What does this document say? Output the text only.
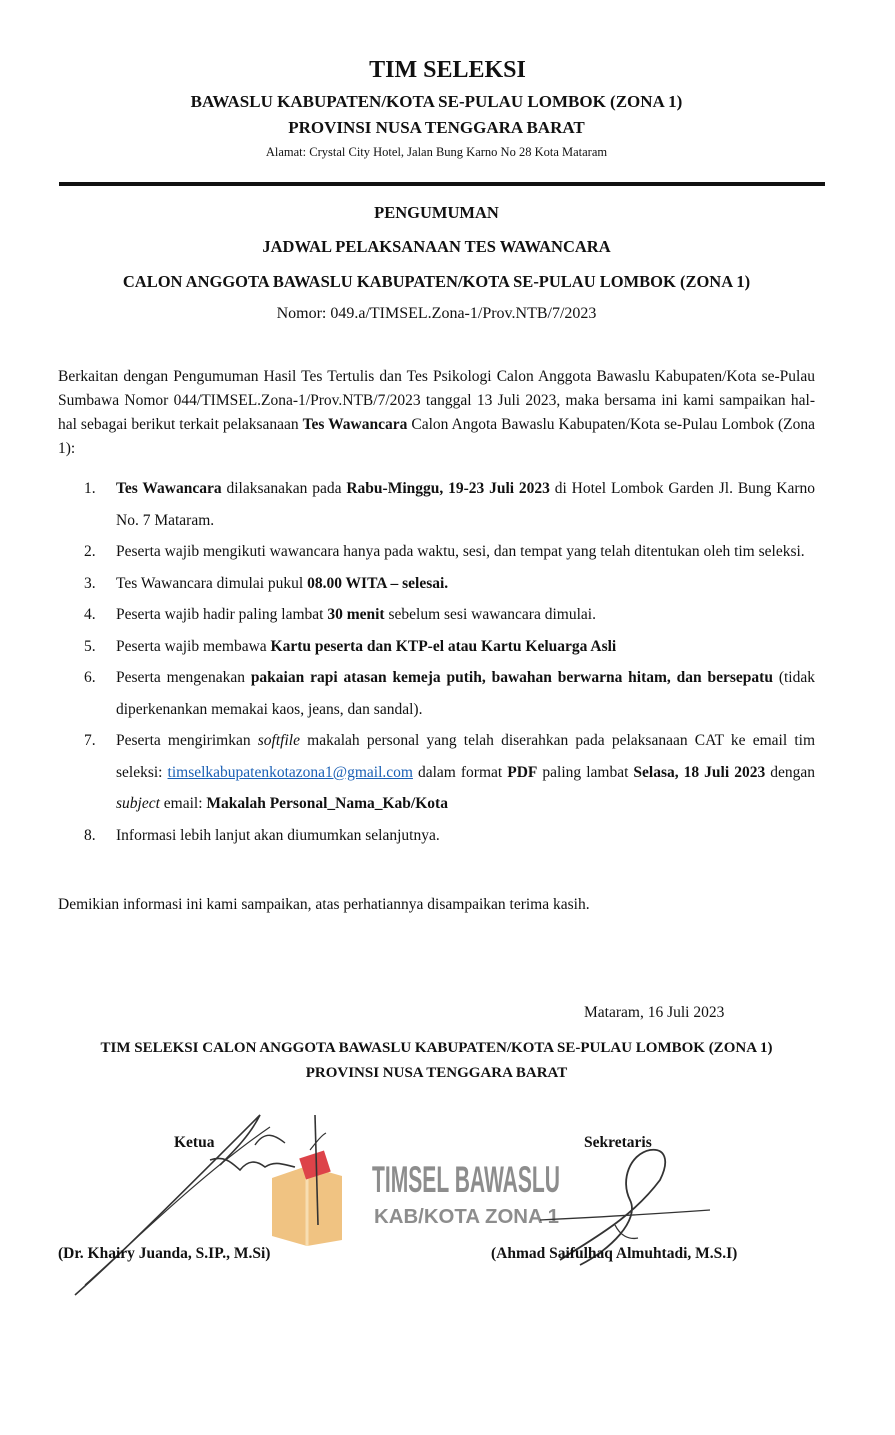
TIM SELEKSI
BAWASLU KABUPATEN/KOTA SE-PULAU LOMBOK (ZONA 1)
PROVINSI NUSA TENGGARA BARAT
Alamat: Crystal City Hotel, Jalan Bung Karno No 28 Kota Mataram
PENGUMUMAN
JADWAL PELAKSANAAN TES WAWANCARA
CALON ANGGOTA BAWASLU KABUPATEN/KOTA SE-PULAU LOMBOK (ZONA 1)
Nomor: 049.a/TIMSEL.Zona-1/Prov.NTB/7/2023
Berkaitan dengan Pengumuman Hasil Tes Tertulis dan Tes Psikologi Calon Anggota Bawaslu Kabupaten/Kota se-Pulau Sumbawa Nomor 044/TIMSEL.Zona-1/Prov.NTB/7/2023 tanggal 13 Juli 2023, maka bersama ini kami sampaikan hal-hal sebagai berikut terkait pelaksanaan Tes Wawancara Calon Angota Bawaslu Kabupaten/Kota se-Pulau Lombok (Zona 1):
1. Tes Wawancara dilaksanakan pada Rabu-Minggu, 19-23 Juli 2023 di Hotel Lombok Garden Jl. Bung Karno No. 7 Mataram.
2. Peserta wajib mengikuti wawancara hanya pada waktu, sesi, dan tempat yang telah ditentukan oleh tim seleksi.
3. Tes Wawancara dimulai pukul 08.00 WITA – selesai.
4. Peserta wajib hadir paling lambat 30 menit sebelum sesi wawancara dimulai.
5. Peserta wajib membawa Kartu peserta dan KTP-el atau Kartu Keluarga Asli
6. Peserta mengenakan pakaian rapi atasan kemeja putih, bawahan berwarna hitam, dan bersepatu (tidak diperkenankan memakai kaos, jeans, dan sandal).
7. Peserta mengirimkan softfile makalah personal yang telah diserahkan pada pelaksanaan CAT ke email tim seleksi: timselkabupatenkotazona1@gmail.com dalam format PDF paling lambat Selasa, 18 Juli 2023 dengan subject email: Makalah Personal_Nama_Kab/Kota
8. Informasi lebih lanjut akan diumumkan selanjutnya.
Demikian informasi ini kami sampaikan, atas perhatiannya disampaikan terima kasih.
Mataram, 16 Juli 2023
TIM SELEKSI CALON ANGGOTA BAWASLU KABUPATEN/KOTA SE-PULAU LOMBOK (ZONA 1)
PROVINSI NUSA TENGGARA BARAT
TIMSEL BAWASLU
KAB/KOTA ZONA 1
Ketua	Sekretaris
(Dr. Khairy Juanda, S.IP., M.Si)	(Ahmad Saifulhaq Almuhtadi, M.S.I)
